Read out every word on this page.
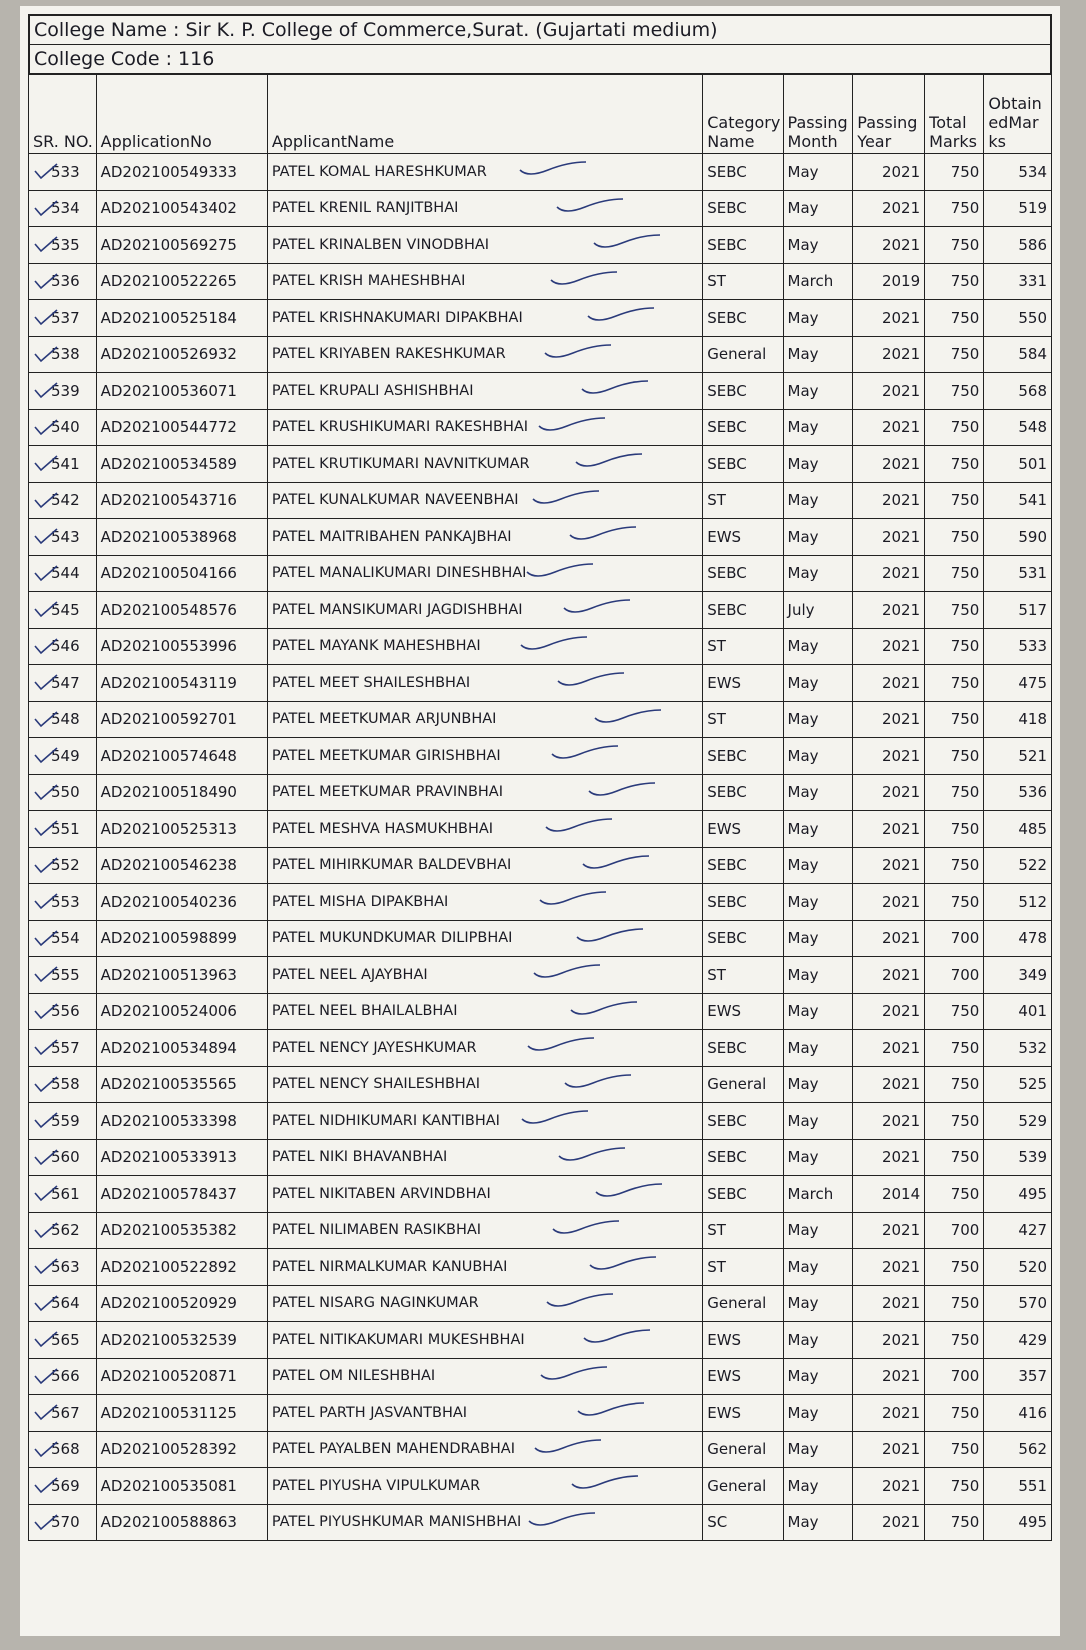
College Name : Sir K. P. College of Commerce,Surat. (Gujartati medium)
College Code : 116
SR. NO.	ApplicationNo	ApplicantName	Category Name	Passing Month	Passing Year	Total Marks	ObtainedMarks

533	AD202100549333	PATEL KOMAL HARESHKUMAR	SEBC	May	2021	750	534

534	AD202100543402	PATEL KRENIL RANJITBHAI	SEBC	May	2021	750	519

535	AD202100569275	PATEL KRINALBEN VINODBHAI	SEBC	May	2021	750	586

536	AD202100522265	PATEL KRISH MAHESHBHAI	ST	March	2019	750	331

537	AD202100525184	PATEL KRISHNAKUMARI DIPAKBHAI	SEBC	May	2021	750	550

538	AD202100526932	PATEL KRIYABEN RAKESHKUMAR	General	May	2021	750	584

539	AD202100536071	PATEL KRUPALI ASHISHBHAI	SEBC	May	2021	750	568

540	AD202100544772	PATEL KRUSHIKUMARI RAKESHBHAI	SEBC	May	2021	750	548

541	AD202100534589	PATEL KRUTIKUMARI NAVNITKUMAR	SEBC	May	2021	750	501

542	AD202100543716	PATEL KUNALKUMAR NAVEENBHAI	ST	May	2021	750	541

543	AD202100538968	PATEL MAITRIBAHEN PANKAJBHAI	EWS	May	2021	750	590

544	AD202100504166	PATEL MANALIKUMARI DINESHBHAI	SEBC	May	2021	750	531

545	AD202100548576	PATEL MANSIKUMARI JAGDISHBHAI	SEBC	July	2021	750	517

546	AD202100553996	PATEL MAYANK MAHESHBHAI	ST	May	2021	750	533

547	AD202100543119	PATEL MEET SHAILESHBHAI	EWS	May	2021	750	475

548	AD202100592701	PATEL MEETKUMAR ARJUNBHAI	ST	May	2021	750	418

549	AD202100574648	PATEL MEETKUMAR GIRISHBHAI	SEBC	May	2021	750	521

550	AD202100518490	PATEL MEETKUMAR PRAVINBHAI	SEBC	May	2021	750	536

551	AD202100525313	PATEL MESHVA HASMUKHBHAI	EWS	May	2021	750	485

552	AD202100546238	PATEL MIHIRKUMAR BALDEVBHAI	SEBC	May	2021	750	522

553	AD202100540236	PATEL MISHA DIPAKBHAI	SEBC	May	2021	750	512

554	AD202100598899	PATEL MUKUNDKUMAR DILIPBHAI	SEBC	May	2021	700	478

555	AD202100513963	PATEL NEEL AJAYBHAI	ST	May	2021	700	349

556	AD202100524006	PATEL NEEL BHAILALBHAI	EWS	May	2021	750	401

557	AD202100534894	PATEL NENCY JAYESHKUMAR	SEBC	May	2021	750	532

558	AD202100535565	PATEL NENCY SHAILESHBHAI	General	May	2021	750	525

559	AD202100533398	PATEL NIDHIKUMARI KANTIBHAI	SEBC	May	2021	750	529

560	AD202100533913	PATEL NIKI BHAVANBHAI	SEBC	May	2021	750	539

561	AD202100578437	PATEL NIKITABEN ARVINDBHAI	SEBC	March	2014	750	495

562	AD202100535382	PATEL NILIMABEN RASIKBHAI	ST	May	2021	700	427

563	AD202100522892	PATEL NIRMALKUMAR KANUBHAI	ST	May	2021	750	520

564	AD202100520929	PATEL NISARG NAGINKUMAR	General	May	2021	750	570

565	AD202100532539	PATEL NITIKAKUMARI MUKESHBHAI	EWS	May	2021	750	429

566	AD202100520871	PATEL OM NILESHBHAI	EWS	May	2021	700	357

567	AD202100531125	PATEL PARTH JASVANTBHAI	EWS	May	2021	750	416

568	AD202100528392	PATEL PAYALBEN MAHENDRABHAI	General	May	2021	750	562

569	AD202100535081	PATEL PIYUSHA VIPULKUMAR	General	May	2021	750	551

570	AD202100588863	PATEL PIYUSHKUMAR MANISHBHAI	SC	May	2021	750	495
